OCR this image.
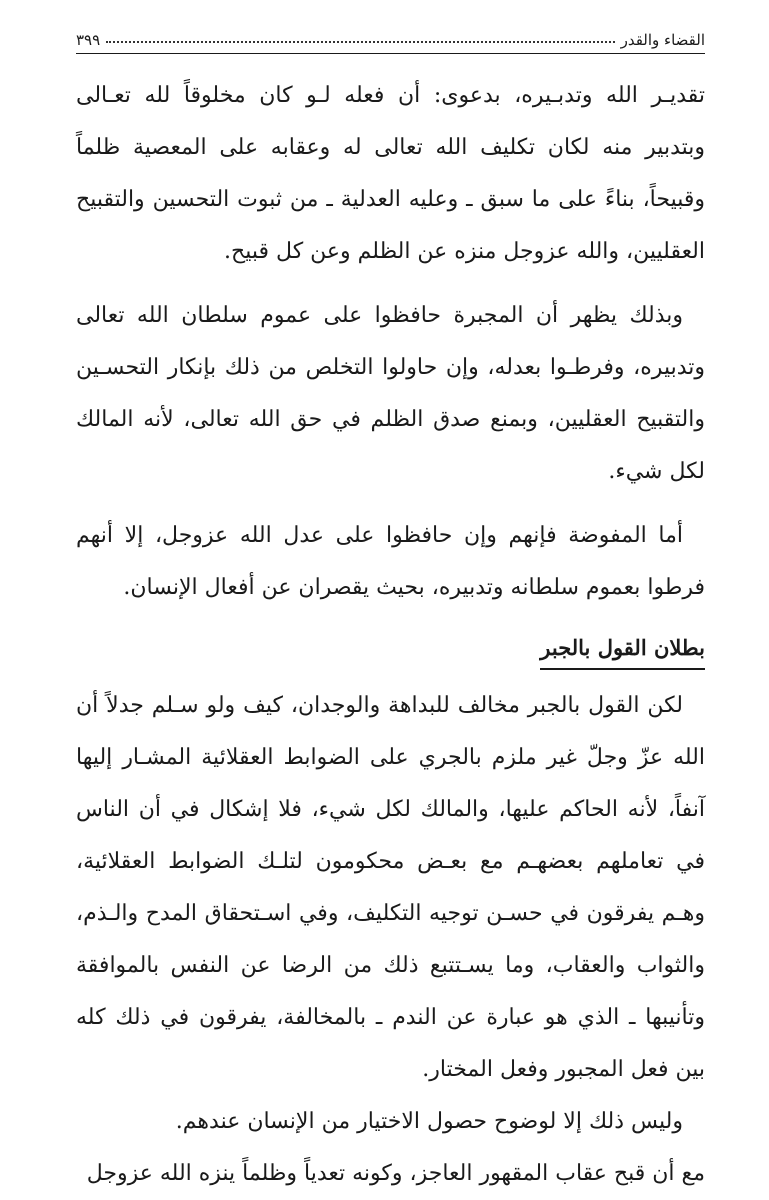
القضاء والقدر
٣٩٩

تقديـر الله وتدبـيره، بدعوى: أن فعله لـو كان مخلوقاً لله تعـالى وبتدبير منه لكان تكليف الله تعالى له وعقابه على المعصية ظلماً وقبيحاً، بناءً على ما سبق ـ وعليه العدلية ـ من ثبوت التحسين والتقبيح العقليين، والله عزوجل منزه عن الظلم وعن كل قبيح.

وبذلك يظهر أن المجبرة حافظوا على عموم سلطان الله تعالى وتدبيره، وفرطـوا بعدله، وإن حاولوا التخلص من ذلك بإنكار التحسـين والتقبيح العقليين، وبمنع صدق الظلم في حق الله تعالى، لأنه المالك لكل شيء.

أما المفوضة فإنهم وإن حافظوا على عدل الله عزوجل، إلا أنهم فرطوا بعموم سلطانه وتدبيره، بحيث يقصران عن أفعال الإنسان.

بطلان القول بالجبر

لكن القول بالجبر مخالف للبداهة والوجدان، كيف ولو سـلم جدلاً أن الله عزّ وجلّ غير ملزم بالجري على الضوابط العقلائية المشـار إليها آنفاً، لأنه الحاكم عليها، والمالك لكل شيء، فلا إشكال في أن الناس في تعاملهم بعضهـم مع بعـض محكومون لتلـك الضوابط العقلائية، وهـم يفرقون في حسـن توجيه التكليف، وفي اسـتحقاق المدح والـذم، والثواب والعقاب، وما يسـتتبع ذلك من الرضا عن النفس بالموافقة وتأنيبها ـ الذي هو عبارة عن الندم ـ بالمخالفة، يفرقون في ذلك كله بين فعل المجبور وفعل المختار.

وليس ذلك إلا لوضوح حصول الاختيار من الإنسان عندهم.

مع أن قبح عقاب المقهور العاجز، وكونه تعدياً وظلماً ينزه الله عزوجل
